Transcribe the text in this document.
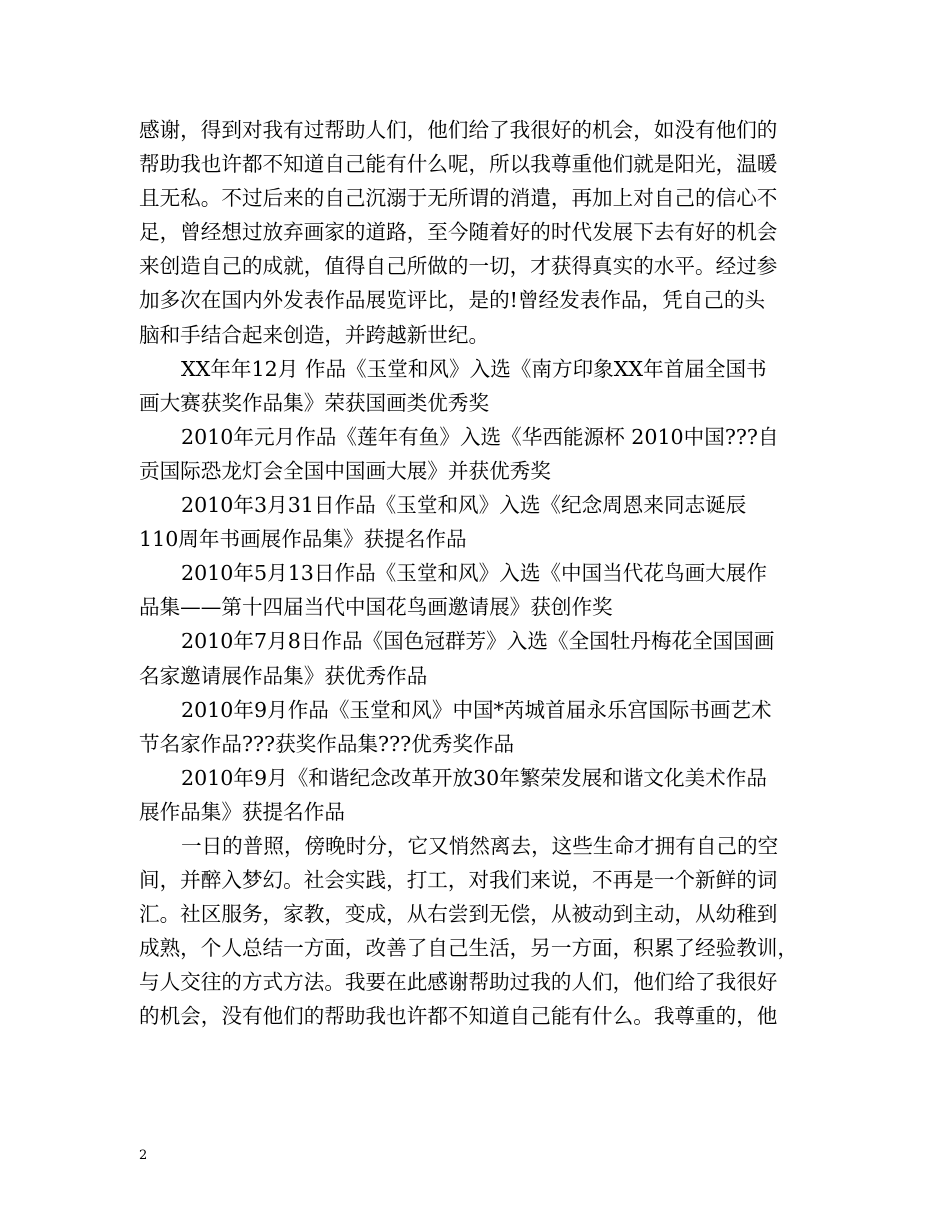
感谢，得到对我有过帮助人们，他们给了我很好的机会，如没有他们的
帮助我也许都不知道自己能有什么呢，所以我尊重他们就是阳光，温暖
且无私。不过后来的自己沉溺于无所谓的消遣，再加上对自己的信心不
足，曾经想过放弃画家的道路，至今随着好的时代发展下去有好的机会
来创造自己的成就，值得自己所做的一切，才获得真实的水平。经过参
加多次在国内外发表作品展览评比，是的!曾经发表作品，凭自己的头
脑和手结合起来创造，并跨越新世纪。

XX年年12月 作品《玉堂和风》入选《南方印象XX年首届全国书
画大赛获奖作品集》荣获国画类优秀奖

2010年元月作品《莲年有鱼》入选《华西能源杯 2010中国???自
贡国际恐龙灯会全国中国画大展》并获优秀奖

2010年3月31日作品《玉堂和风》入选《纪念周恩来同志诞辰
110周年书画展作品集》获提名作品

2010年5月13日作品《玉堂和风》入选《中国当代花鸟画大展作
品集——第十四届当代中国花鸟画邀请展》获创作奖

2010年7月8日作品《国色冠群芳》入选《全国牡丹梅花全国国画
名家邀请展作品集》获优秀作品

2010年9月作品《玉堂和风》中国*芮城首届永乐宫国际书画艺术
节名家作品???获奖作品集???优秀奖作品

2010年9月《和谐纪念改革开放30年繁荣发展和谐文化美术作品
展作品集》获提名作品

一日的普照，傍晚时分，它又悄然离去，这些生命才拥有自己的空
间，并醉入梦幻。社会实践，打工，对我们来说，不再是一个新鲜的词
汇。社区服务，家教，变成，从右尝到无偿，从被动到主动，从幼稚到
成熟，个人总结一方面，改善了自己生活，另一方面，积累了经验教训，
与人交往的方式方法。我要在此感谢帮助过我的人们，他们给了我很好
的机会，没有他们的帮助我也许都不知道自己能有什么。我尊重的，他

2
